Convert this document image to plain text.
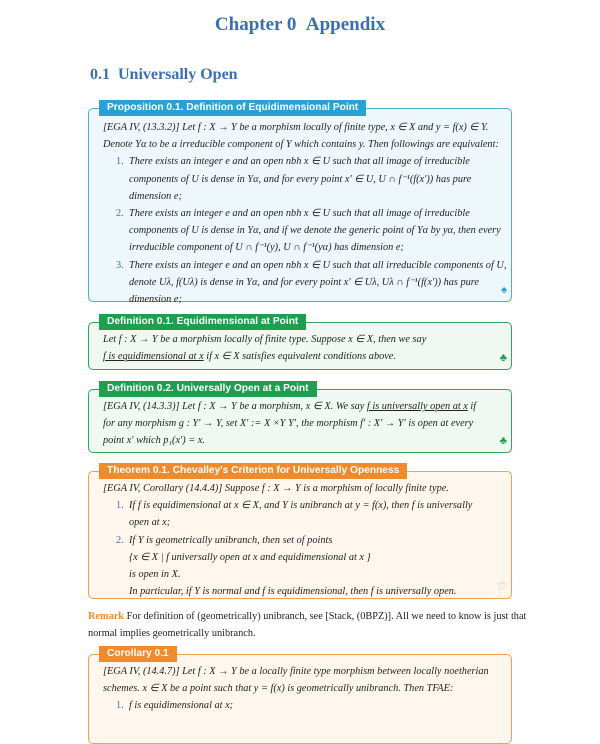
Chapter 0 Appendix
0.1 Universally Open
Proposition 0.1. Definition of Equidimensional Point
[EGA IV, (13.3.2)] Let f : X → Y be a morphism locally of finite type, x ∈ X and y = f(x) ∈ Y.
Denote Yα to be a irreducible component of Y which contains y. Then followings are equivalent:
1. There exists an integer e and an open nbh x ∈ U such that all image of irreducible
components of U is dense in Yα, and for every point x′ ∈ U, U ∩ f⁻¹(f(x′)) has pure
dimension e;
2. There exists an integer e and an open nbh x ∈ U such that all image of irreducible
components of U is dense in Yα, and if we denote the generic point of Yα by yα, then every
irreducible component of U ∩ f⁻¹(y), U ∩ f⁻¹(yα) has dimension e;
3. There exists an integer e and an open nbh x ∈ U such that all irreducible components of U,
denote Uλ, f(Uλ) is dense in Yα, and for every point x′ ∈ Uλ, Uλ ∩ f⁻¹(f(x′)) has pure
dimension e;
♠
Definition 0.1. Equidimensional at Point
Let f : X → Y be a morphism locally of finite type. Suppose x ∈ X, then we say
f is equidimensional at x if x ∈ X satisfies equivalent conditions above.	♣
Definition 0.2. Universally Open at a Point
[EGA IV, (14.3.3)] Let f : X → Y be a morphism, x ∈ X. We say f is universally open at x if
for any morphism g : Y′ → Y, set X′ := X ×Y Y′, the morphism f′ : X′ → Y′ is open at every
point x′ which p₁(x′) = x.	♣
Theorem 0.1. Chevalley's Criterion for Universally Openness
[EGA IV, Corollary (14.4.4)] Suppose f : X → Y is a morphism of locally finite type.
1. If f is equidimensional at x ∈ X, and Y is unibranch at y = f(x), then f is universally
open at x;
2. If Y is geometrically unibranch, then set of points
{x ∈ X | f universally open at x and equidimensional at x }
is open in X.
In particular, if Y is normal and f is equidimensional, then f is universally open.	♡
Remark For definition of (geometrically) unibranch, see [Stack, (0BPZ)]. All we need to know is just that
normal implies geometrically unibranch.
Corollary 0.1
[EGA IV, (14.4.7)] Let f : X → Y be a locally finite type morphism between locally noetherian
schemes. x ∈ X be a point such that y = f(x) is geometrically unibranch. Then TFAE:
1. f is equidimensional at x;
